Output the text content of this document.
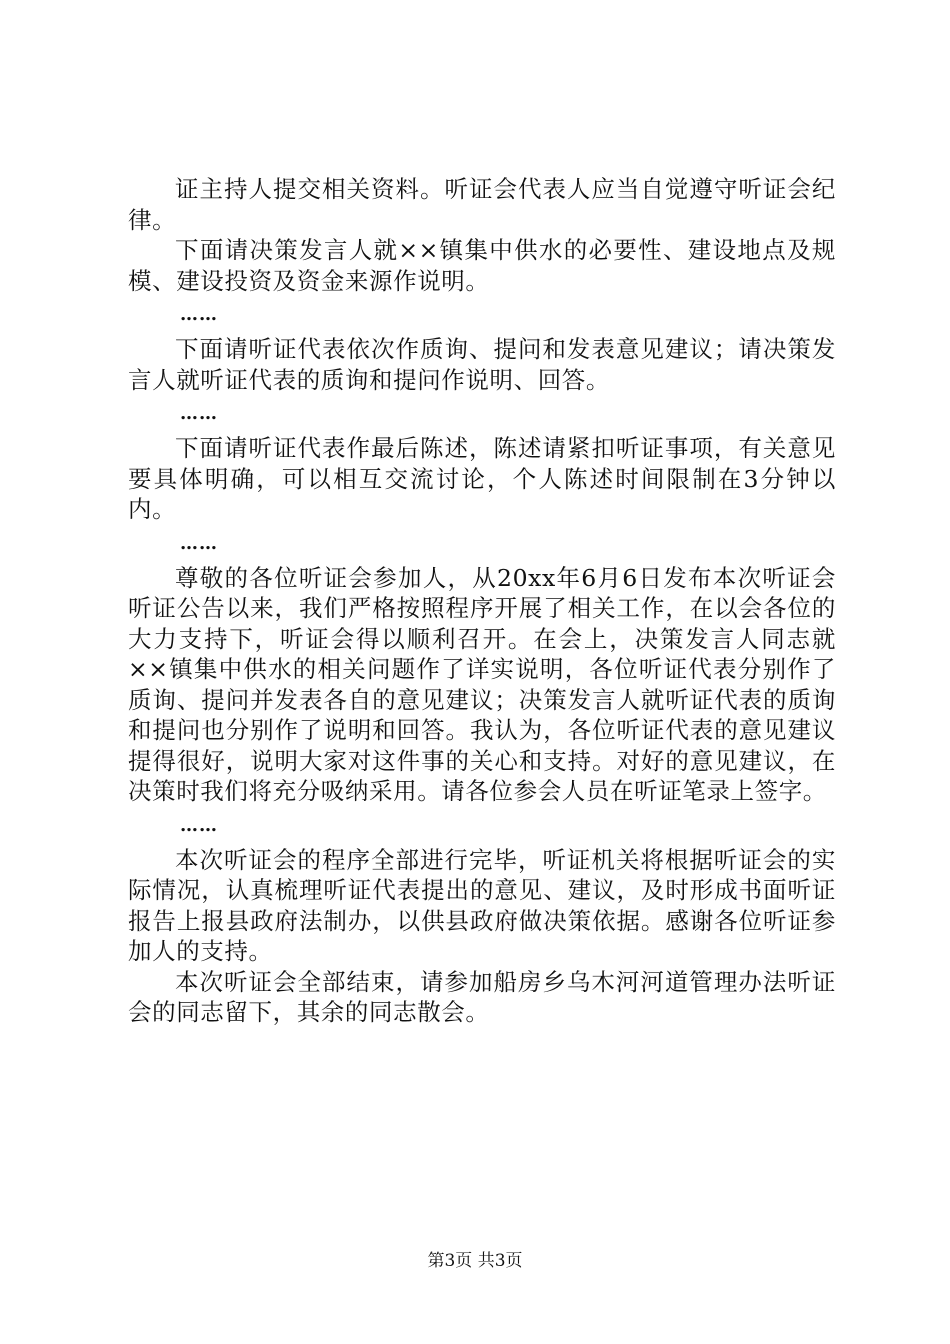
证主持人提交相关资料。听证会代表人应当自觉遵守听证会纪律。

下面请决策发言人就××镇集中供水的必要性、建设地点及规模、建设投资及资金来源作说明。

……

下面请听证代表依次作质询、提问和发表意见建议；请决策发言人就听证代表的质询和提问作说明、回答。

……

下面请听证代表作最后陈述，陈述请紧扣听证事项，有关意见要具体明确，可以相互交流讨论，个人陈述时间限制在3分钟以内。

……

尊敬的各位听证会参加人，从20xx年6月6日发布本次听证会听证公告以来，我们严格按照程序开展了相关工作，在以会各位的大力支持下，听证会得以顺利召开。在会上，决策发言人同志就××镇集中供水的相关问题作了详实说明，各位听证代表分别作了质询、提问并发表各自的意见建议；决策发言人就听证代表的质询和提问也分别作了说明和回答。我认为，各位听证代表的意见建议提得很好，说明大家对这件事的关心和支持。对好的意见建议，在决策时我们将充分吸纳采用。请各位参会人员在听证笔录上签字。

……

本次听证会的程序全部进行完毕，听证机关将根据听证会的实际情况，认真梳理听证代表提出的意见、建议，及时形成书面听证报告上报县政府法制办，以供县政府做决策依据。感谢各位听证参加人的支持。

本次听证会全部结束，请参加船房乡乌木河河道管理办法听证会的同志留下，其余的同志散会。

第3页 共3页
